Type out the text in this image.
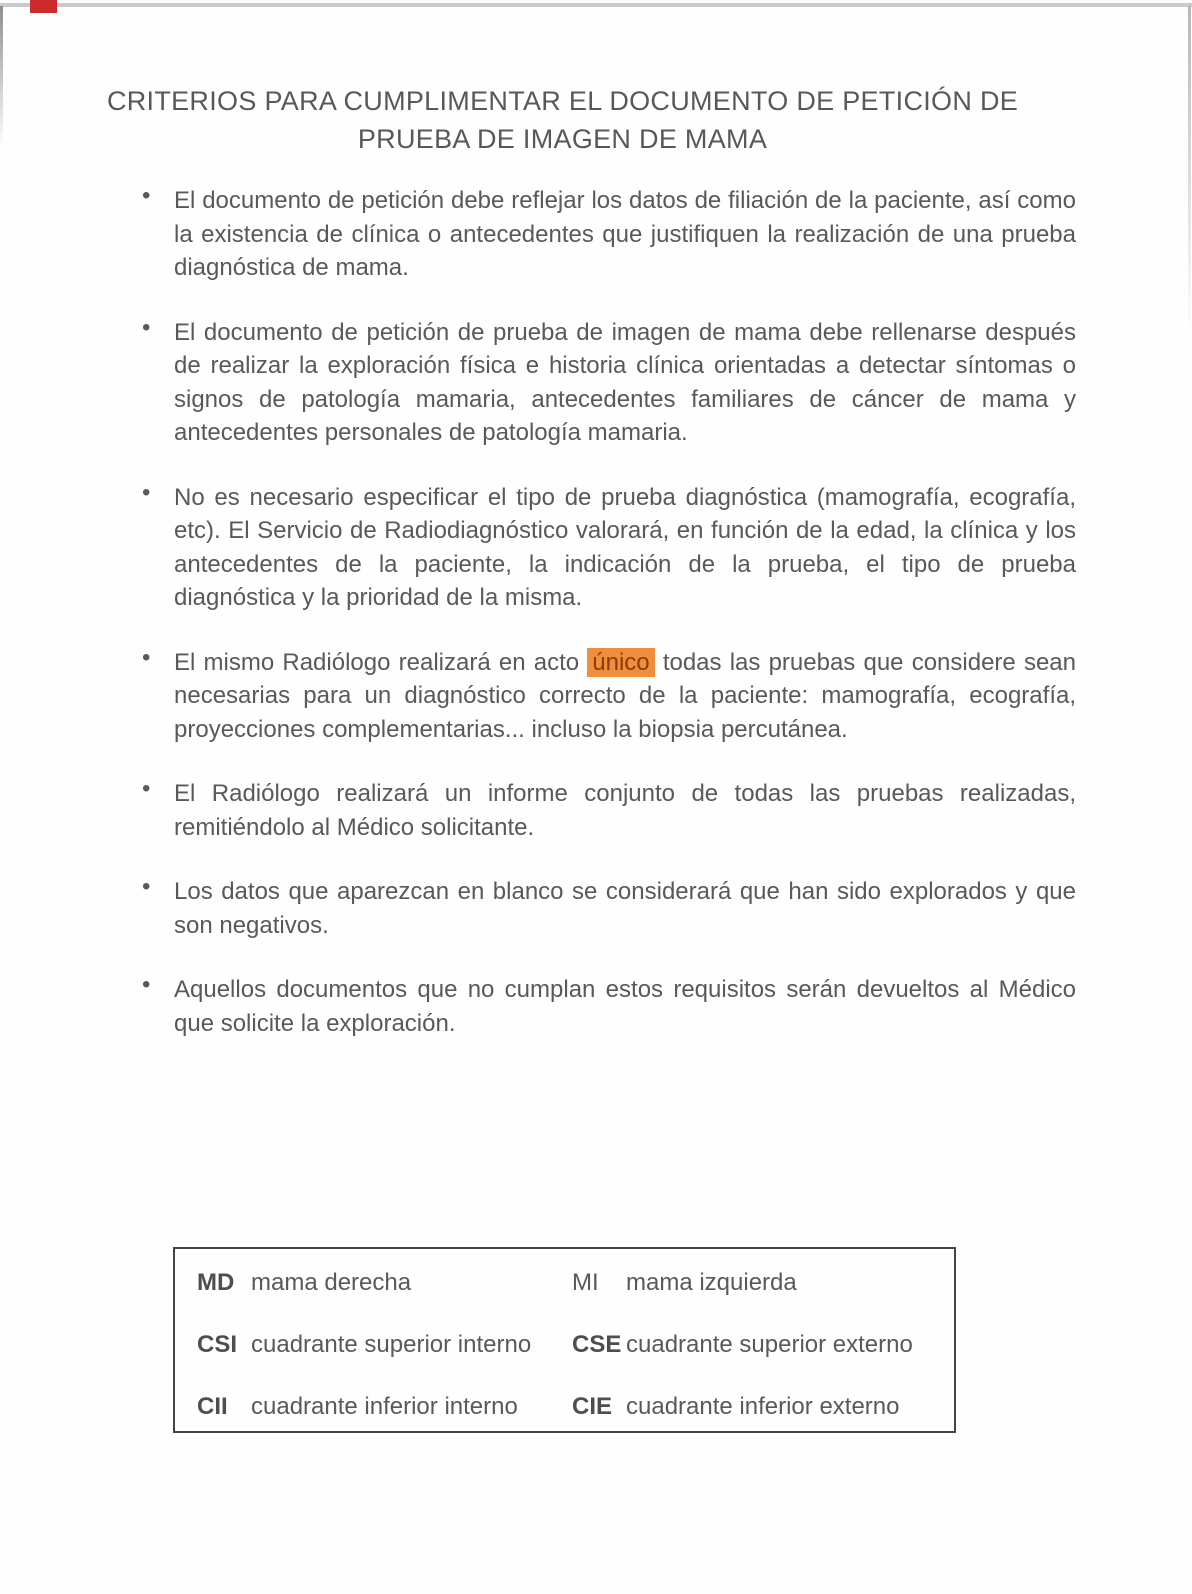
CRITERIOS PARA CUMPLIMENTAR EL DOCUMENTO DE PETICIÓN DE
PRUEBA DE IMAGEN DE MAMA
• El documento de petición debe reflejar los datos de filiación de la paciente, así como la existencia de clínica o antecedentes que justifiquen la realización de una prueba diagnóstica de mama.

• El documento de petición de prueba de imagen de mama debe rellenarse después de realizar la exploración física e historia clínica orientadas a detectar síntomas o signos de patología mamaria, antecedentes familiares de cáncer de mama y antecedentes personales de patología mamaria.

• No es necesario especificar el tipo de prueba diagnóstica (mamografía, ecografía, etc). El Servicio de Radiodiagnóstico valorará, en función de la edad, la clínica y los antecedentes de la paciente, la indicación de la prueba, el tipo de prueba diagnóstica y la prioridad de la misma.

• El mismo Radiólogo realizará en acto único todas las pruebas que considere sean necesarias para un diagnóstico correcto de la paciente: mamografía, ecografía, proyecciones complementarias... incluso la biopsia percutánea.

• El Radiólogo realizará un informe conjunto de todas las pruebas realizadas, remitiéndolo al Médico solicitante.

• Los datos que aparezcan en blanco se considerará que han sido explorados y que son negativos.

• Aquellos documentos que no cumplan estos requisitos serán devueltos al Médico que solicite la exploración.

MD mama derecha	MI mama izquierda
CSI cuadrante superior interno	CSE cuadrante superior externo
CII cuadrante inferior interno	CIE cuadrante inferior externo
